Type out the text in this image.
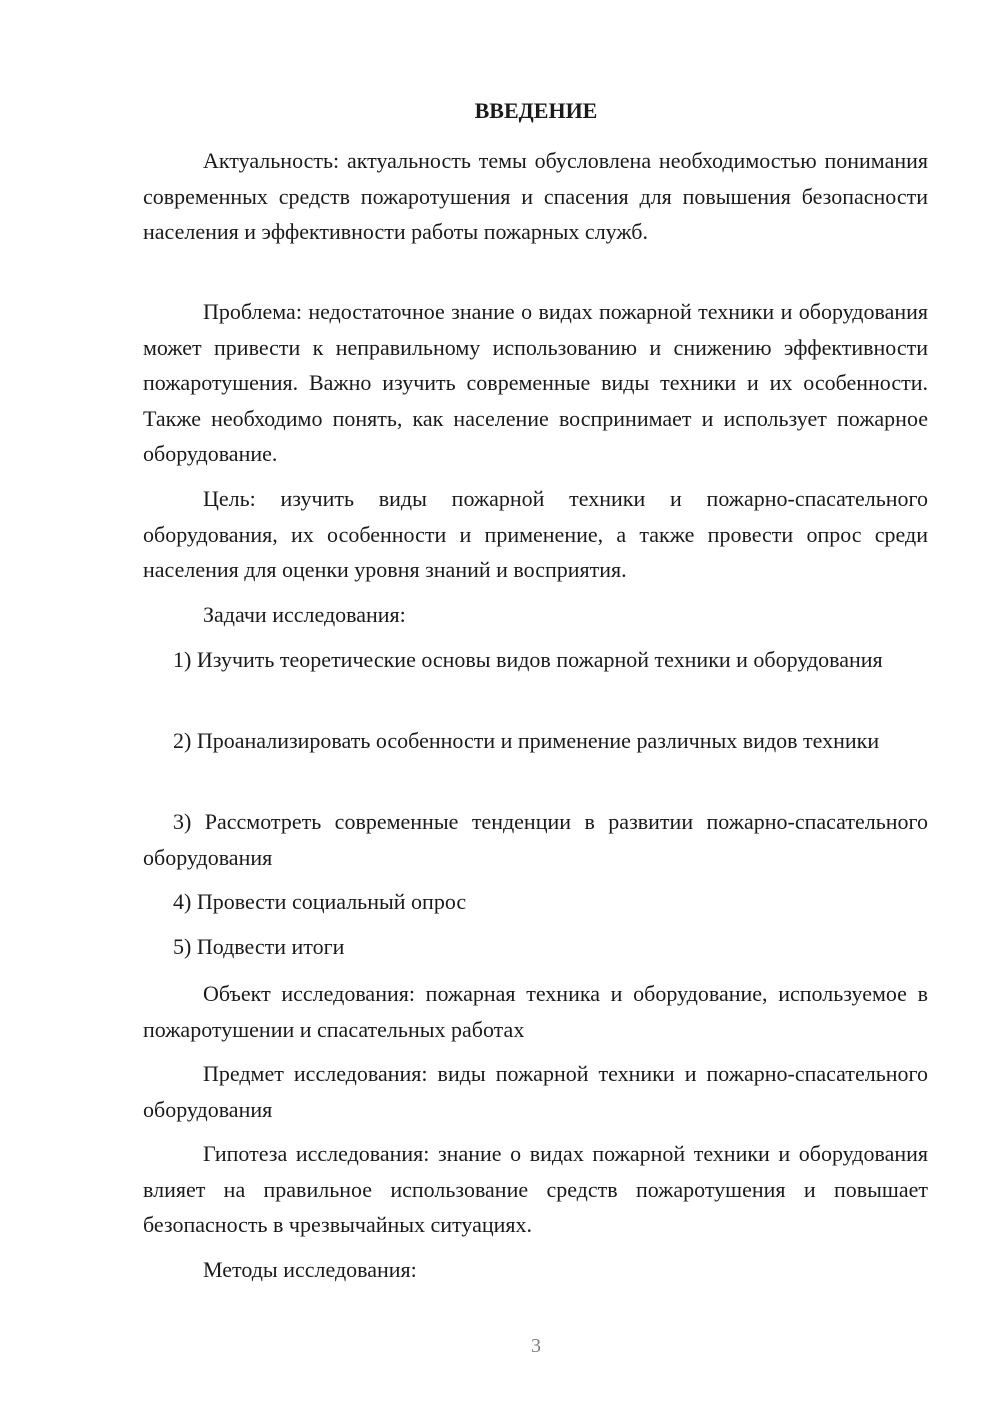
ВВЕДЕНИЕ

Актуальность: актуальность темы обусловлена необходимостью понимания современных средств пожаротушения и спасения для повышения безопасности населения и эффективности работы пожарных служб.

Проблема: недостаточное знание о видах пожарной техники и оборудования может привести к неправильному использованию и снижению эффективности пожаротушения. Важно изучить современные виды техники и их особенности. Также необходимо понять, как население воспринимает и использует пожарное оборудование.

Цель: изучить виды пожарной техники и пожарно-спасательного оборудования, их особенности и применение, а также провести опрос среди населения для оценки уровня знаний и восприятия.

Задачи исследования:

1) Изучить теоретические основы видов пожарной техники и оборудования

2) Проанализировать особенности и применение различных видов техники

3) Рассмотреть современные тенденции в развитии пожарно-спасательного оборудования

4) Провести социальный опрос

5) Подвести итоги

Объект исследования: пожарная техника и оборудование, используемое в пожаротушении и спасательных работах

Предмет исследования: виды пожарной техники и пожарно-спасательного оборудования

Гипотеза исследования: знание о видах пожарной техники и оборудования влияет на правильное использование средств пожаротушения и повышает безопасность в чрезвычайных ситуациях.

Методы исследования:

3
